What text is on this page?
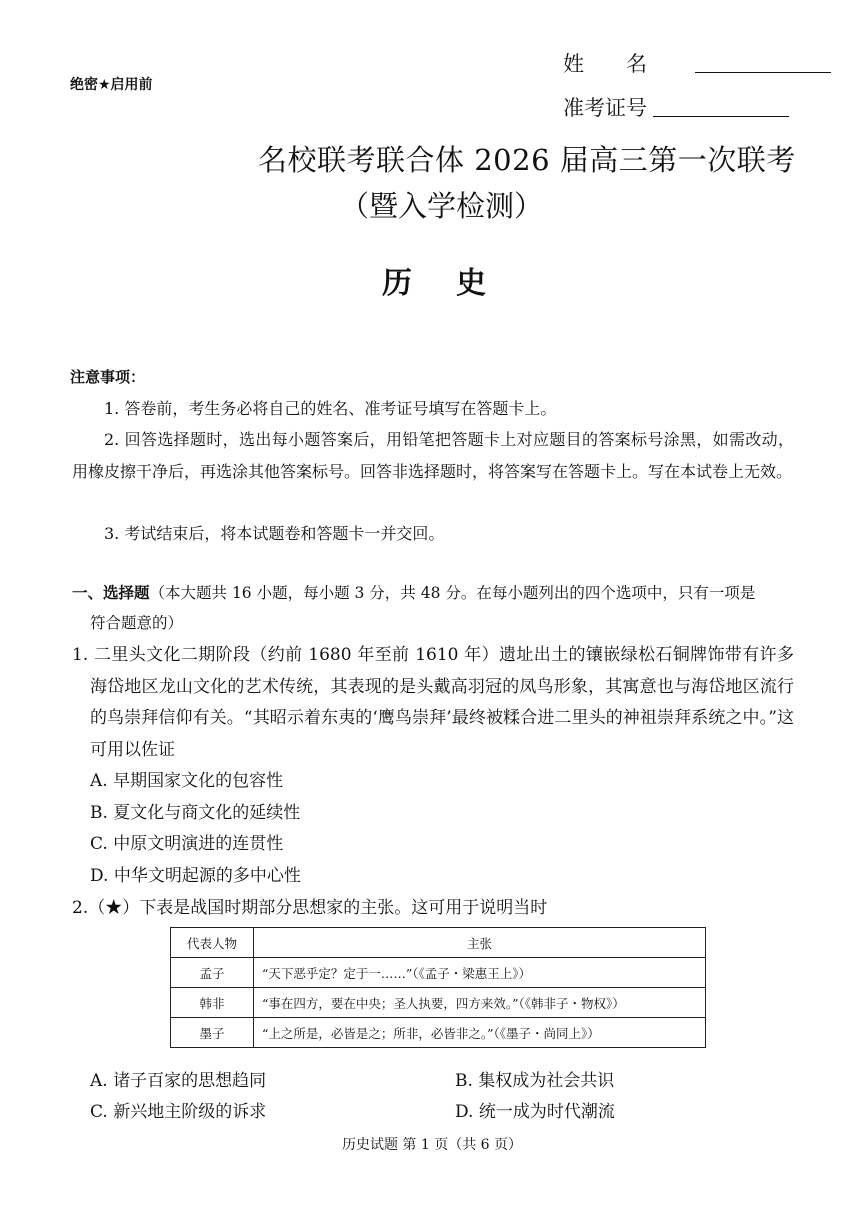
绝密★启用前
姓名
准考证号
名校联考联合体 2026 届高三第一次联考
（暨入学检测）
历史
注意事项：
1. 答卷前，考生务必将自己的姓名、准考证号填写在答题卡上。
2. 回答选择题时，选出每小题答案后，用铅笔把答题卡上对应题目的答案标号涂黑，如需改动，用橡皮擦干净后，再选涂其他答案标号。回答非选择题时，将答案写在答题卡上。写在本试卷上无效。
3. 考试结束后，将本试题卷和答题卡一并交回。
一、选择题（本大题共 16 小题，每小题 3 分，共 48 分。在每小题列出的四个选项中，只有一项是
符合题意的）
1. 二里头文化二期阶段（约前 1680 年至前 1610 年）遗址出土的镶嵌绿松石铜牌饰带有许多海岱地区龙山文化的艺术传统，其表现的是头戴高羽冠的凤鸟形象，其寓意也与海岱地区流行的鸟崇拜信仰有关。“其昭示着东夷的‘鹰鸟崇拜’最终被糅合进二里头的神祖崇拜系统之中。”这可用以佐证
A. 早期国家文化的包容性
B. 夏文化与商文化的延续性
C. 中原文明演进的连贯性
D. 中华文明起源的多中心性
2.（★）下表是战国时期部分思想家的主张。这可用于说明当时
代表人物	主张
孟子	“天下恶乎定？定于一……”（《孟子・梁惠王上》）
韩非	“事在四方，要在中央；圣人执要，四方来效。”（《韩非子・物权》）
墨子	“上之所是，必皆是之；所非，必皆非之。”（《墨子・尚同上》）
A. 诸子百家的思想趋同	B. 集权成为社会共识
C. 新兴地主阶级的诉求	D. 统一成为时代潮流
历史试题 第 1 页（共 6 页）
